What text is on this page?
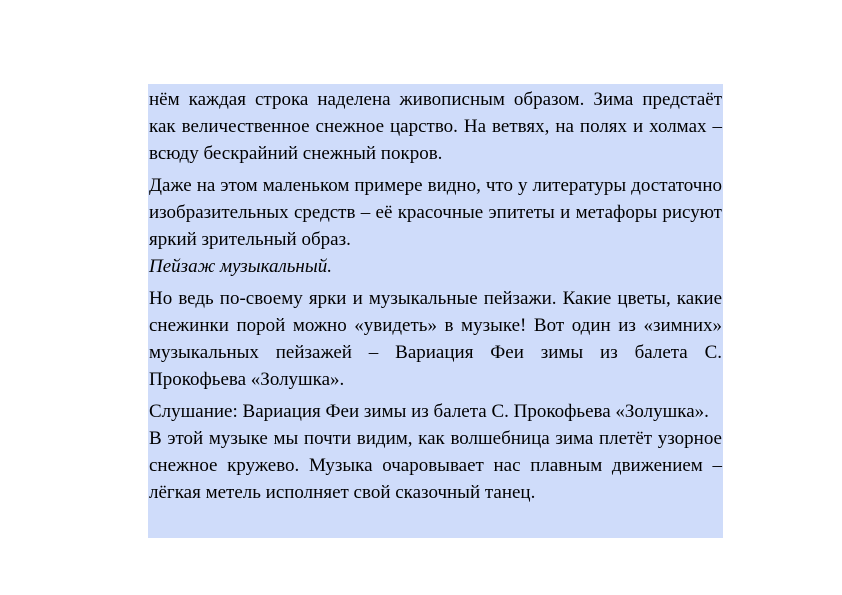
нём каждая строка наделена живописным образом. Зима предстаёт как величественное снежное царство. На ветвях, на полях и холмах – всюду бескрайний снежный покров.

Даже на этом маленьком примере видно, что у литературы достаточно изобразительных средств – её красочные эпитеты и метафоры рисуют яркий зрительный образ.

Пейзаж музыкальный.

Но ведь по-своему ярки и музыкальные пейзажи. Какие цветы, какие снежинки порой можно «увидеть» в музыке! Вот один из «зимних» музыкальных пейзажей – Вариация Феи зимы из балета С. Прокофьева «Золушка».

Слушание: Вариация Феи зимы из балета С. Прокофьева «Золушка».

В этой музыке мы почти видим, как волшебница зима плетёт узорное снежное кружево. Музыка очаровывает нас плавным движением – лёгкая метель исполняет свой сказочный танец.
